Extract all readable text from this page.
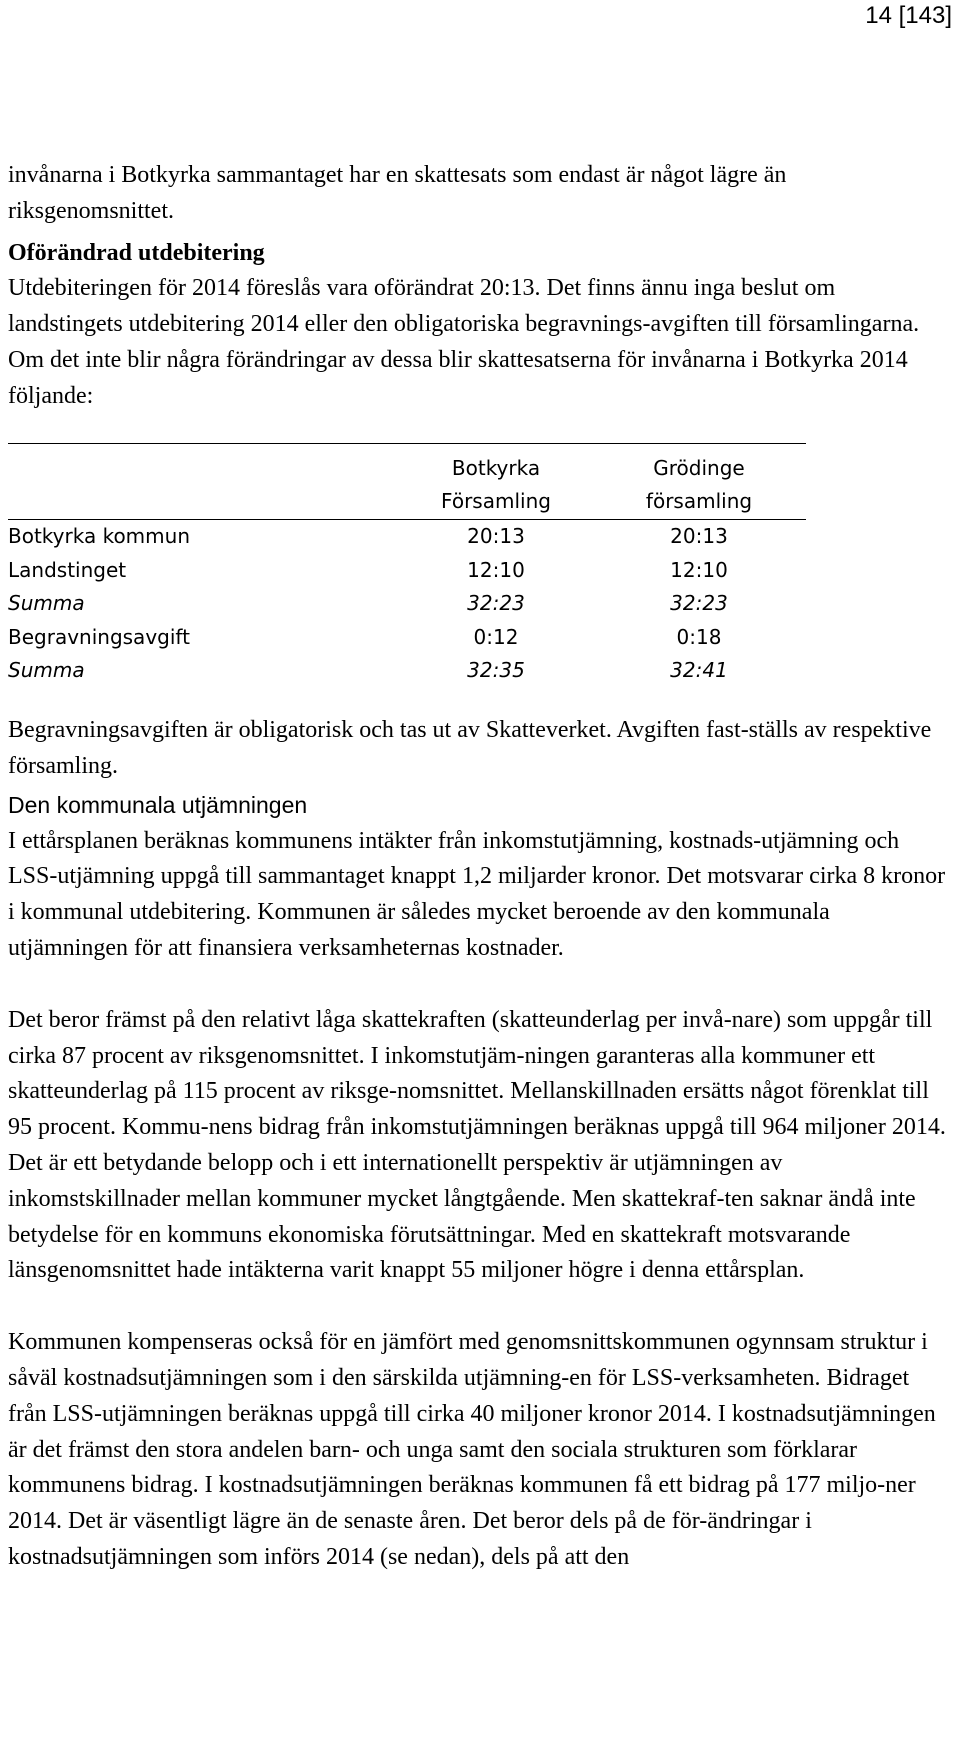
14 [143]

invånarna i Botkyrka sammantaget har en skattesats som endast är något lägre än riksgenomsnittet.

Oförändrad utdebitering

Utdebiteringen för 2014 föreslås vara oförändrat 20:13. Det finns ännu inga beslut om landstingets utdebitering 2014 eller den obligatoriska begravnings-avgiften till församlingarna. Om det inte blir några förändringar av dessa blir skattesatserna för invånarna i Botkyrka 2014 följande:

	Botkyrka	Grödinge
	Församling	församling
Botkyrka kommun	20:13	20:13
Landstinget	12:10	12:10
Summa	32:23	32:23
Begravningsavgift	0:12	0:18
Summa	32:35	32:41

Begravningsavgiften är obligatorisk och tas ut av Skatteverket. Avgiften fast-ställs av respektive församling.

Den kommunala utjämningen

I ettårsplanen beräknas kommunens intäkter från inkomstutjämning, kostnads-utjämning och LSS-utjämning uppgå till sammantaget knappt 1,2 miljarder kronor. Det motsvarar cirka 8 kronor i kommunal utdebitering. Kommunen är således mycket beroende av den kommunala utjämningen för att finansiera verksamheternas kostnader.

Det beror främst på den relativt låga skattekraften (skatteunderlag per invå-nare) som uppgår till cirka 87 procent av riksgenomsnittet. I inkomstutjäm-ningen garanteras alla kommuner ett skatteunderlag på 115 procent av riksge-nomsnittet. Mellanskillnaden ersätts något förenklat till 95 procent. Kommu-nens bidrag från inkomstutjämningen beräknas uppgå till 964 miljoner 2014. Det är ett betydande belopp och i ett internationellt perspektiv är utjämningen av inkomstskillnader mellan kommuner mycket långtgående. Men skattekraf-ten saknar ändå inte betydelse för en kommuns ekonomiska förutsättningar. Med en skattekraft motsvarande länsgenomsnittet hade intäkterna varit knappt 55 miljoner högre i denna ettårsplan.

Kommunen kompenseras också för en jämfört med genomsnittskommunen ogynnsam struktur i såväl kostnadsutjämningen som i den särskilda utjämning-en för LSS-verksamheten. Bidraget från LSS-utjämningen beräknas uppgå till cirka 40 miljoner kronor 2014. I kostnadsutjämningen är det främst den stora andelen barn- och unga samt den sociala strukturen som förklarar kommunens bidrag. I kostnadsutjämningen beräknas kommunen få ett bidrag på 177 miljo-ner 2014. Det är väsentligt lägre än de senaste åren. Det beror dels på de för-ändringar i kostnadsutjämningen som införs 2014 (se nedan), dels på att den
